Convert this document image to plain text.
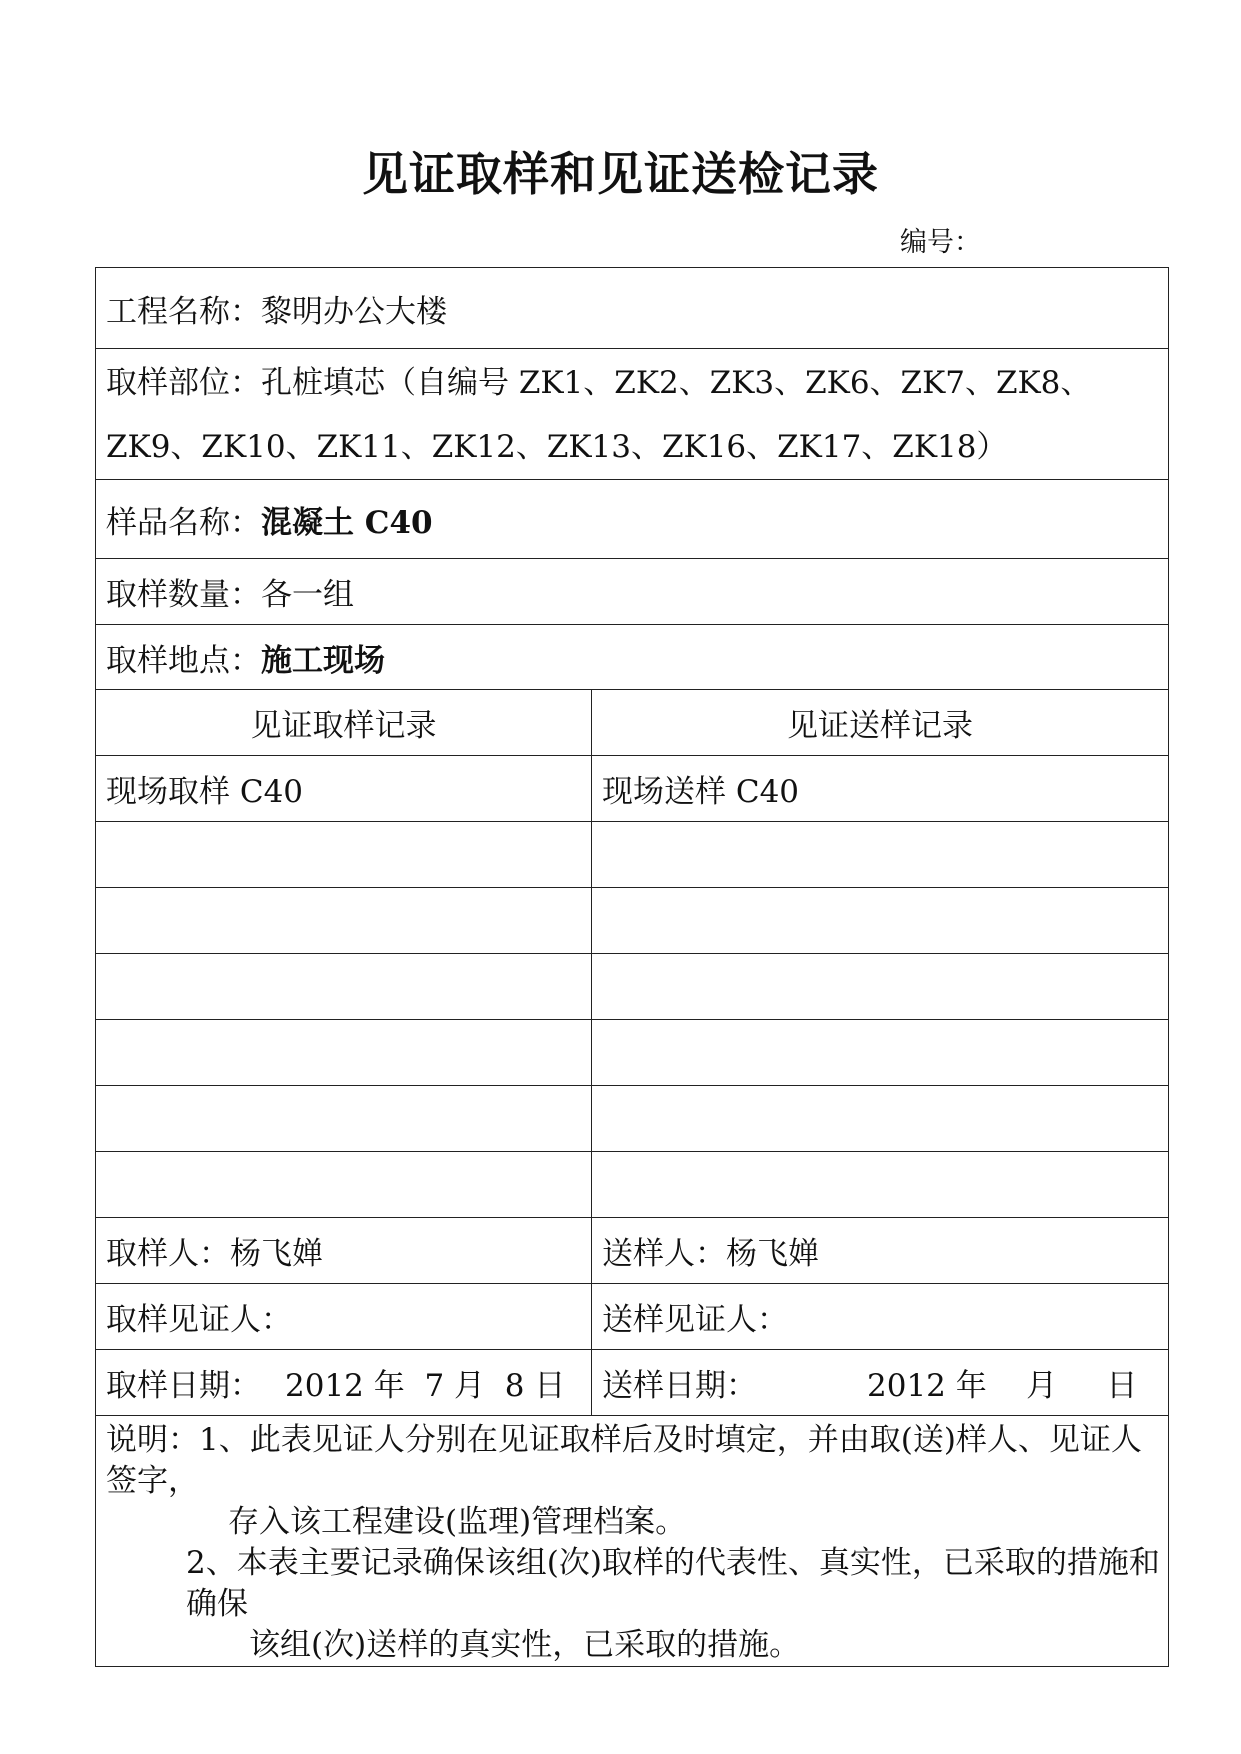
见证取样和见证送检记录
编号：
工程名称：黎明办公大楼	
取样部位：孔桩填芯（自编号 ZK1、ZK2、ZK3、ZK6、ZK7、ZK8、ZK9、ZK10、ZK11、ZK12、ZK13、ZK16、ZK17、ZK18）	
样品名称：混凝土 C40	
取样数量：各一组	
取样地点：施工现场	
见证取样记录	见证送样记录
现场取样 C40	现场送样 C40

取样人：杨飞婵	送样人：杨飞婵
取样见证人：	送样见证人：
取样日期： 2012 年  7 月  8 日	送样日期： 2012 年    月     日

说明：1、此表见证人分别在见证取样后及时填定，并由取(送)样人、见证人签字，
存入该工程建设(监理)管理档案。
2、本表主要记录确保该组(次)取样的代表性、真实性，已采取的措施和确保
该组(次)送样的真实性，已采取的措施。	
